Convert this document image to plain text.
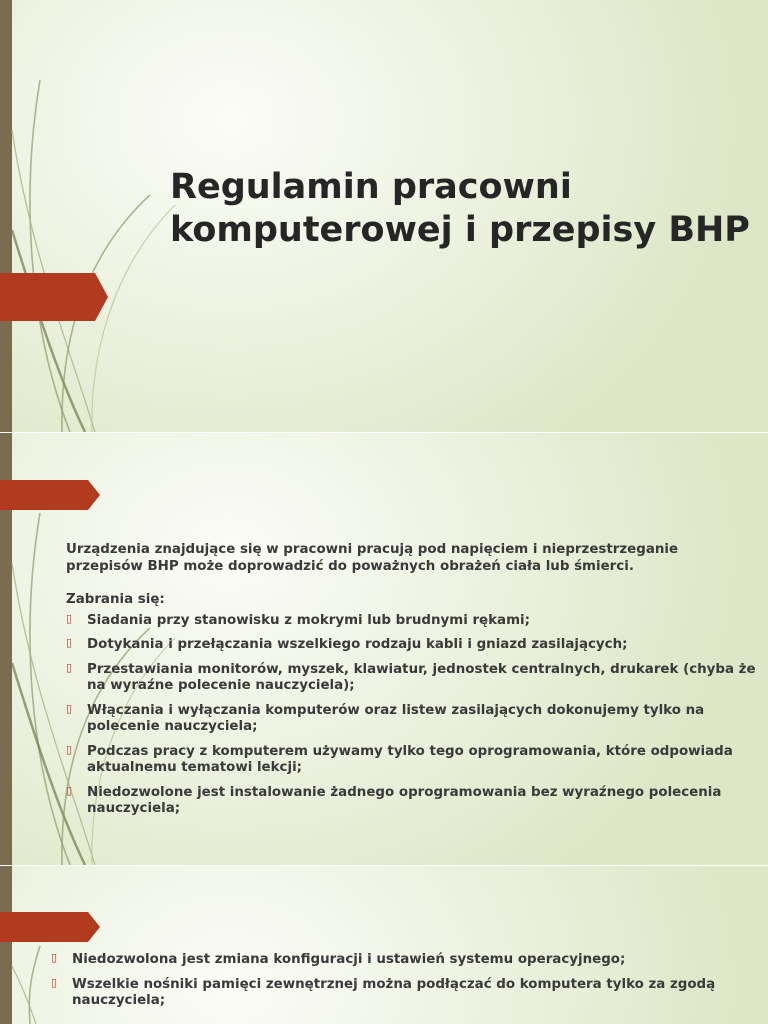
Regulamin pracowni komputerowej i przepisy BHP

Urządzenia znajdujące się w pracowni pracują pod napięciem i nieprzestrzeganie przepisów BHP może doprowadzić do poważnych obrażeń ciała lub śmierci.

Zabrania się:

▯ Siadania przy stanowisku z mokrymi lub brudnymi rękami;
▯ Dotykania i przełączania wszelkiego rodzaju kabli i gniazd zasilających;
▯ Przestawiania monitorów, myszek, klawiatur, jednostek centralnych, drukarek (chyba że na wyraźne polecenie nauczyciela);
▯ Włączania i wyłączania komputerów oraz listew zasilających dokonujemy tylko na polecenie nauczyciela;
▯ Podczas pracy z komputerem używamy tylko tego oprogramowania, które odpowiada aktualnemu tematowi lekcji;
▯ Niedozwolone jest instalowanie żadnego oprogramowania bez wyraźnego polecenia nauczyciela;
▯ Niedozwolona jest zmiana konfiguracji i ustawień systemu operacyjnego;
▯ Wszelkie nośniki pamięci zewnętrznej można podłączać do komputera tylko za zgodą nauczyciela;
